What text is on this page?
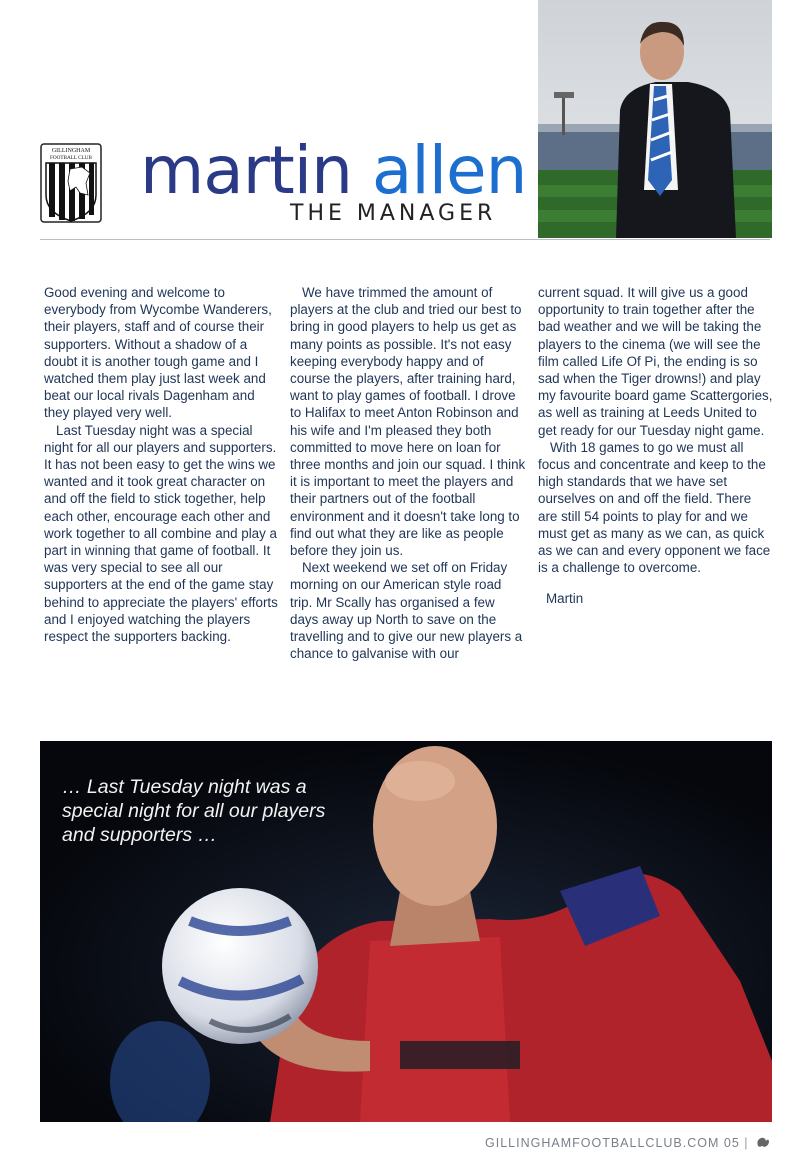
GILLINGHAM
FOOTBALL CLUB martin allen
THE MANAGER

Good evening and welcome to everybody from Wycombe Wanderers, their players, staff and of course their supporters. Without a shadow of a doubt it is another tough game and I watched them play just last week and beat our local rivals Dagenham and they played very well.

Last Tuesday night was a special night for all our players and supporters. It has not been easy to get the wins we wanted and it took great character on and off the field to stick together, help each other, encourage each other and work together to all combine and play a part in winning that game of football. It was very special to see all our supporters at the end of the game stay behind to appreciate the players' efforts and I enjoyed watching the players respect the supporters backing.

We have trimmed the amount of players at the club and tried our best to bring in good players to help us get as many points as possible. It's not easy keeping everybody happy and of course the players, after training hard, want to play games of football. I drove to Halifax to meet Anton Robinson and his wife and I'm pleased they both committed to move here on loan for three months and join our squad. I think it is important to meet the players and their partners out of the football environment and it doesn't take long to find out what they are like as people before they join us.

Next weekend we set off on Friday morning on our American style road trip. Mr Scally has organised a few days away up North to save on the travelling and to give our new players a chance to galvanise with our

current squad. It will give us a good opportunity to train together after the bad weather and we will be taking the players to the cinema (we will see the film called Life Of Pi, the ending is so sad when the Tiger drowns!) and play my favourite board game Scattergories, as well as training at Leeds United to get ready for our Tuesday night game.

With 18 games to go we must all focus and concentrate and keep to the high standards that we have set ourselves on and off the field. There are still 54 points to play for and we must get as many as we can, as quick as we can and every opponent we face is a challenge to overcome.

Martin

… Last Tuesday night was a special night for all our players and supporters …
GILLINGHAMFOOTBALLCLUB.COM 05 |
